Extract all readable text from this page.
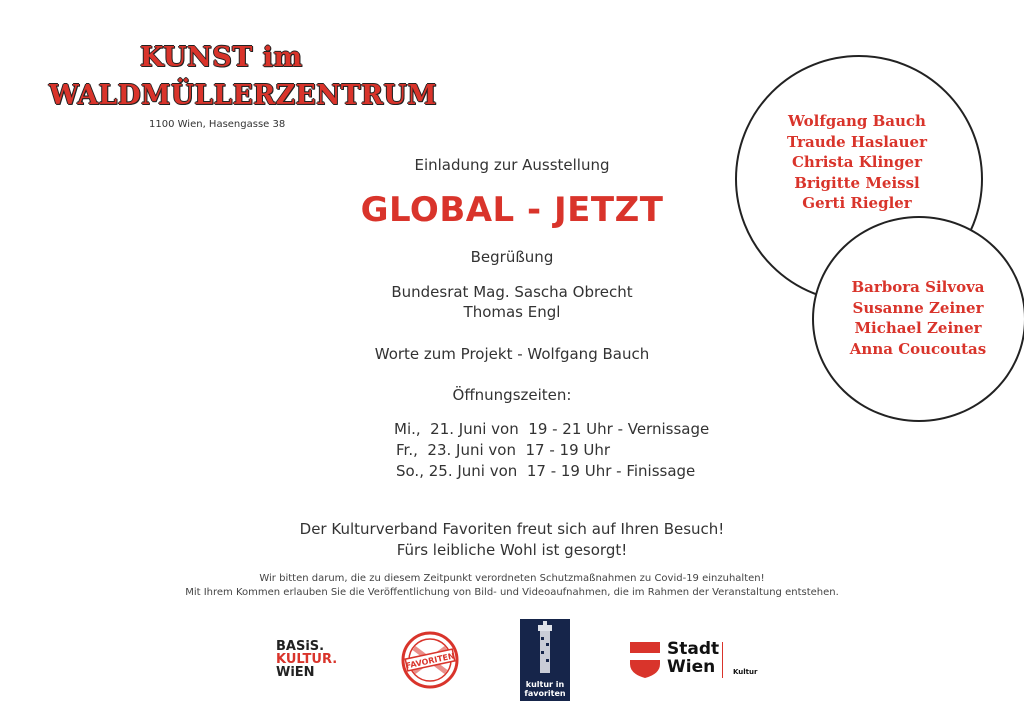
KUNST im
WALDMÜLLERZENTRUM
1100 Wien, Hasengasse 38
Einladung zur Ausstellung
GLOBAL - JETZT
Begrüßung
Bundesrat Mag. Sascha Obrecht
Thomas Engl
Worte zum Projekt - Wolfgang Bauch
Öffnungszeiten:
Mi.,  21. Juni von  19 - 21 Uhr - Vernissage
Fr.,  23. Juni von  17 - 19 Uhr
So., 25. Juni von  17 - 19 Uhr - Finissage
Der Kulturverband Favoriten freut sich auf Ihren Besuch!
Fürs leibliche Wohl ist gesorgt!
Wir bitten darum, die zu diesem Zeitpunkt verordneten Schutzmaßnahmen zu Covid-19 einzuhalten!
Mit Ihrem Kommen erlauben Sie die Veröffentlichung von Bild- und Videoaufnahmen, die im Rahmen der Veranstaltung entstehen.
Wolfgang Bauch
Traude Haslauer
Christa Klinger
Brigitte Meissl
Gerti Riegler
Barbora Silvova
Susanne Zeiner
Michael Zeiner
Anna Coucoutas
BASiS.
KULTUR.
WiEN
FAVORITEN
kultur in
favoriten
Stadt
Wien	Kultur
